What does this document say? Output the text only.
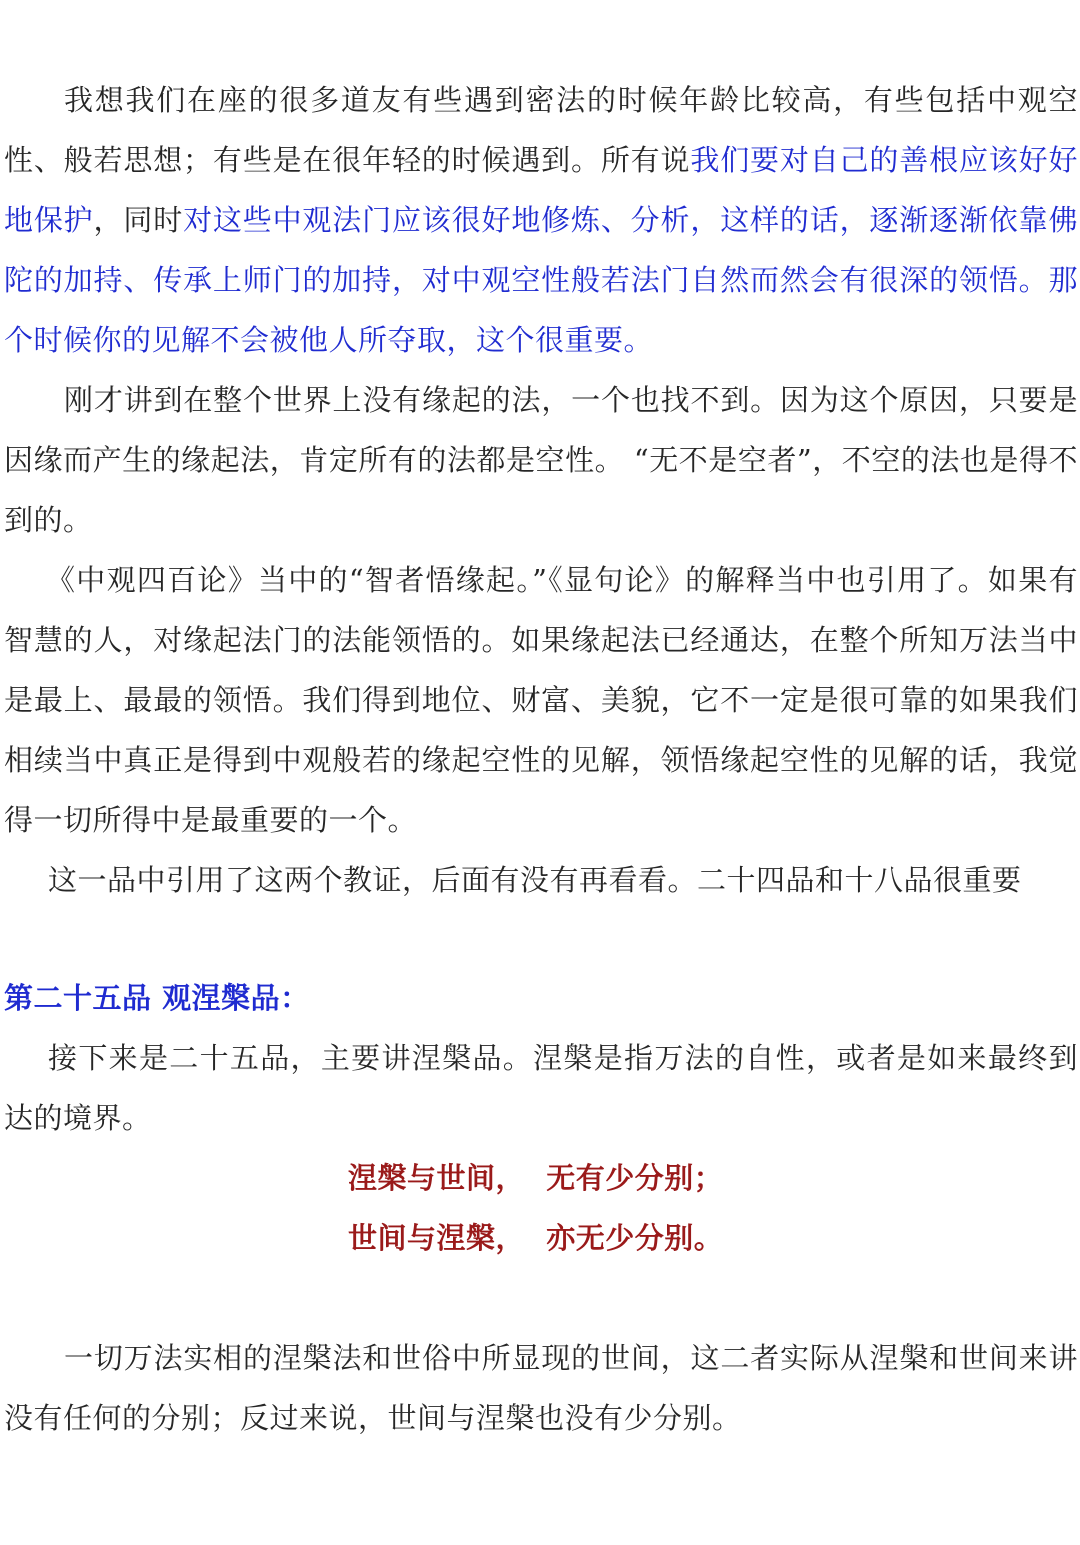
我想我们在座的很多道友有些遇到密法的时候年龄比较高，有些包括中观空性、般若思想；有些是在很年轻的时候遇到。所有说我们要对自己的善根应该好好地保护，同时对这些中观法门应该很好地修炼、分析，这样的话，逐渐逐渐依靠佛陀的加持、传承上师门的加持，对中观空性般若法门自然而然会有很深的领悟。那个时候你的见解不会被他人所夺取，这个很重要。

刚才讲到在整个世界上没有缘起的法，一个也找不到。因为这个原因，只要是因缘而产生的缘起法，肯定所有的法都是空性。 “无不是空者”，不空的法也是得不到的。

《中观四百论》当中的“智者悟缘起。”《显句论》的解释当中也引用了。如果有智慧的人，对缘起法门的法能领悟的。如果缘起法已经通达，在整个所知万法当中是最上、最最的领悟。我们得到地位、财富、美貌，它不一定是很可靠的如果我们相续当中真正是得到中观般若的缘起空性的见解，领悟缘起空性的见解的话，我觉得一切所得中是最重要的一个。

这一品中引用了这两个教证，后面有没有再看看。二十四品和十八品很重要

第二十五品 观涅槃品：

接下来是二十五品，主要讲涅槃品。涅槃是指万法的自性，或者是如来最终到达的境界。

涅槃与世间，  无有少分别；
世间与涅槃，  亦无少分别。

一切万法实相的涅槃法和世俗中所显现的世间，这二者实际从涅槃和世间来讲没有任何的分别；反过来说，世间与涅槃也没有少分别。
